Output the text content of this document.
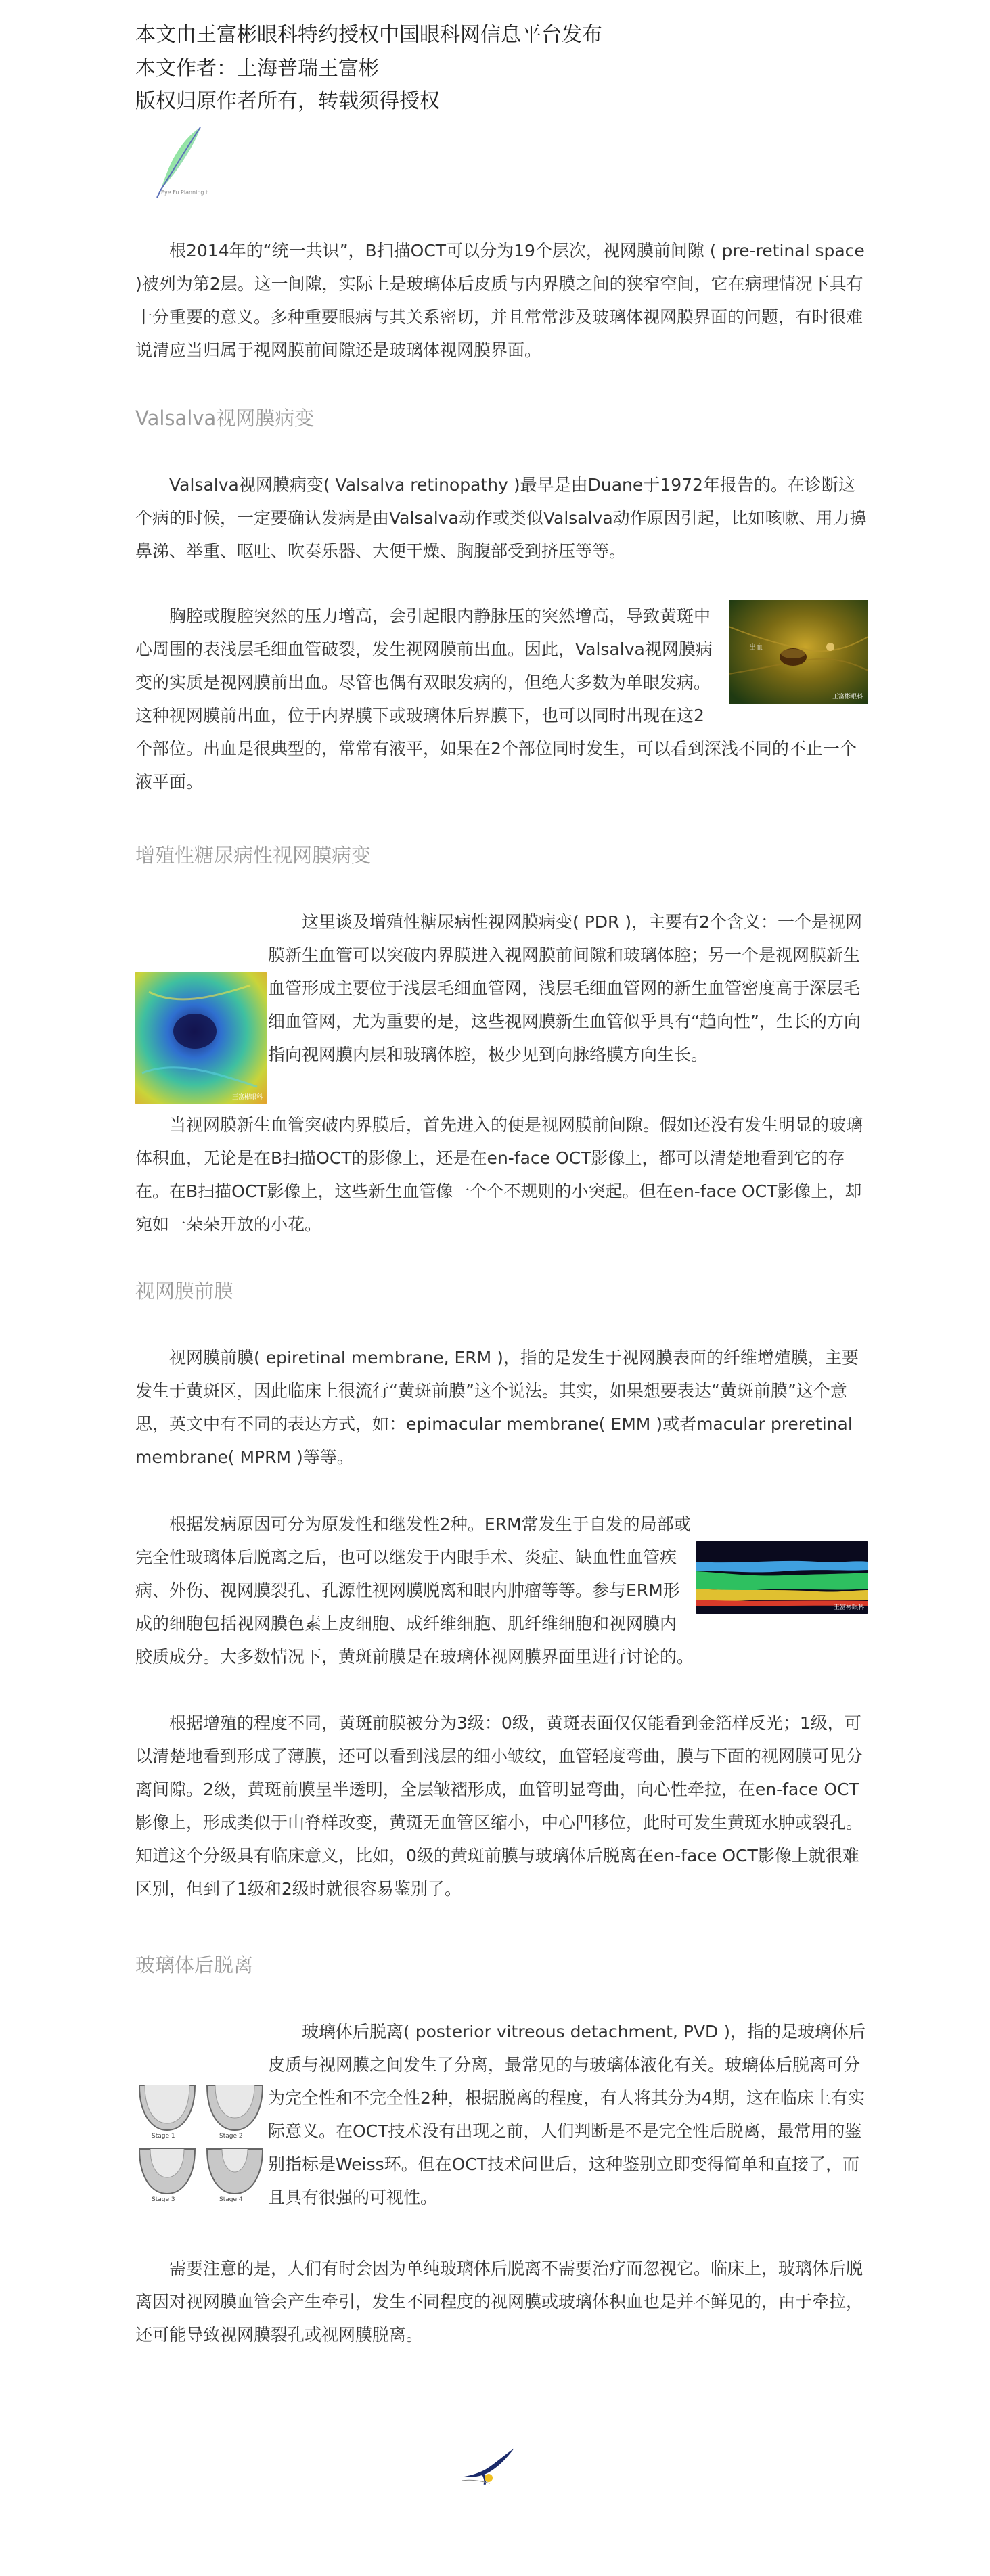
本文由王富彬眼科特约授权中国眼科网信息平台发布
本文作者：上海普瑞王富彬
版权归原作者所有，转载须得授权
Eye Fu Planning t
根2014年的“统一共识”，B扫描OCT可以分为19个层次，视网膜前间隙 ( pre-retinal space )被列为第2层。这一间隙，实际上是玻璃体后皮质与内界膜之间的狭窄空间，它在病理情况下具有十分重要的意义。多种重要眼病与其关系密切，并且常常涉及玻璃体视网膜界面的问题，有时很难说清应当归属于视网膜前间隙还是玻璃体视网膜界面。
Valsalva视网膜病变
Valsalva视网膜病变( Valsalva retinopathy )最早是由Duane于1972年报告的。在诊断这个病的时候，一定要确认发病是由Valsalva动作或类似Valsalva动作原因引起，比如咳嗽、用力擤鼻涕、举重、呕吐、吹奏乐器、大便干燥、胸腹部受到挤压等等。
出血
王富彬眼科
胸腔或腹腔突然的压力增高，会引起眼内静脉压的突然增高，导致黄斑中心周围的表浅层毛细血管破裂，发生视网膜前出血。因此，Valsalva视网膜病变的实质是视网膜前出血。尽管也偶有双眼发病的，但绝大多数为单眼发病。这种视网膜前出血，位于内界膜下或玻璃体后界膜下，也可以同时出现在这2个部位。出血是很典型的，常常有液平，如果在2个部位同时发生，可以看到深浅不同的不止一个液平面。
增殖性糖尿病性视网膜病变
王富彬眼科
这里谈及增殖性糖尿病性视网膜病变( PDR )，主要有2个含义：一个是视网膜新生血管可以突破内界膜进入视网膜前间隙和玻璃体腔；另一个是视网膜新生血管形成主要位于浅层毛细血管网，浅层毛细血管网的新生血管密度高于深层毛细血管网，尤为重要的是，这些视网膜新生血管似乎具有“趋向性”，生长的方向指向视网膜内层和玻璃体腔，极少见到向脉络膜方向生长。
当视网膜新生血管突破内界膜后，首先进入的便是视网膜前间隙。假如还没有发生明显的玻璃体积血，无论是在B扫描OCT的影像上，还是在en-face OCT影像上，都可以清楚地看到它的存在。在B扫描OCT影像上，这些新生血管像一个个不规则的小突起。但在en-face OCT影像上，却宛如一朵朵开放的小花。
视网膜前膜
视网膜前膜( epiretinal membrane, ERM )，指的是发生于视网膜表面的纤维增殖膜，主要发生于黄斑区，因此临床上很流行“黄斑前膜”这个说法。其实，如果想要表达“黄斑前膜”这个意思，英文中有不同的表达方式，如：epimacular membrane( EMM )或者macular preretinal membrane( MPRM )等等。
王富彬眼科
根据发病原因可分为原发性和继发性2种。ERM常发生于自发的局部或完全性玻璃体后脱离之后，也可以继发于内眼手术、炎症、缺血性血管疾病、外伤、视网膜裂孔、孔源性视网膜脱离和眼内肿瘤等等。参与ERM形成的细胞包括视网膜色素上皮细胞、成纤维细胞、肌纤维细胞和视网膜内胶质成分。大多数情况下，黄斑前膜是在玻璃体视网膜界面里进行讨论的。
根据增殖的程度不同，黄斑前膜被分为3级：0级，黄斑表面仅仅能看到金箔样反光；1级，可以清楚地看到形成了薄膜，还可以看到浅层的细小皱纹，血管轻度弯曲，膜与下面的视网膜可见分离间隙。2级，黄斑前膜呈半透明，全层皱褶形成，血管明显弯曲，向心性牵拉，在en-face OCT影像上，形成类似于山脊样改变，黄斑无血管区缩小，中心凹移位，此时可发生黄斑水肿或裂孔。知道这个分级具有临床意义，比如，0级的黄斑前膜与玻璃体后脱离在en-face OCT影像上就很难区别，但到了1级和2级时就很容易鉴别了。
玻璃体后脱离
Stage 1	Stage 2
Stage 3	Stage 4
玻璃体后脱离( posterior vitreous detachment, PVD )，指的是玻璃体后皮质与视网膜之间发生了分离，最常见的与玻璃体液化有关。玻璃体后脱离可分为完全性和不完全性2种，根据脱离的程度，有人将其分为4期，这在临床上有实际意义。在OCT技术没有出现之前，人们判断是不是完全性后脱离，最常用的鉴别指标是Weiss环。但在OCT技术问世后，这种鉴别立即变得简单和直接了，而且具有很强的可视性。
需要注意的是，人们有时会因为单纯玻璃体后脱离不需要治疗而忽视它。临床上，玻璃体后脱离因对视网膜血管会产生牵引，发生不同程度的视网膜或玻璃体积血也是并不鲜见的，由于牵拉，还可能导致视网膜裂孔或视网膜脱离。
